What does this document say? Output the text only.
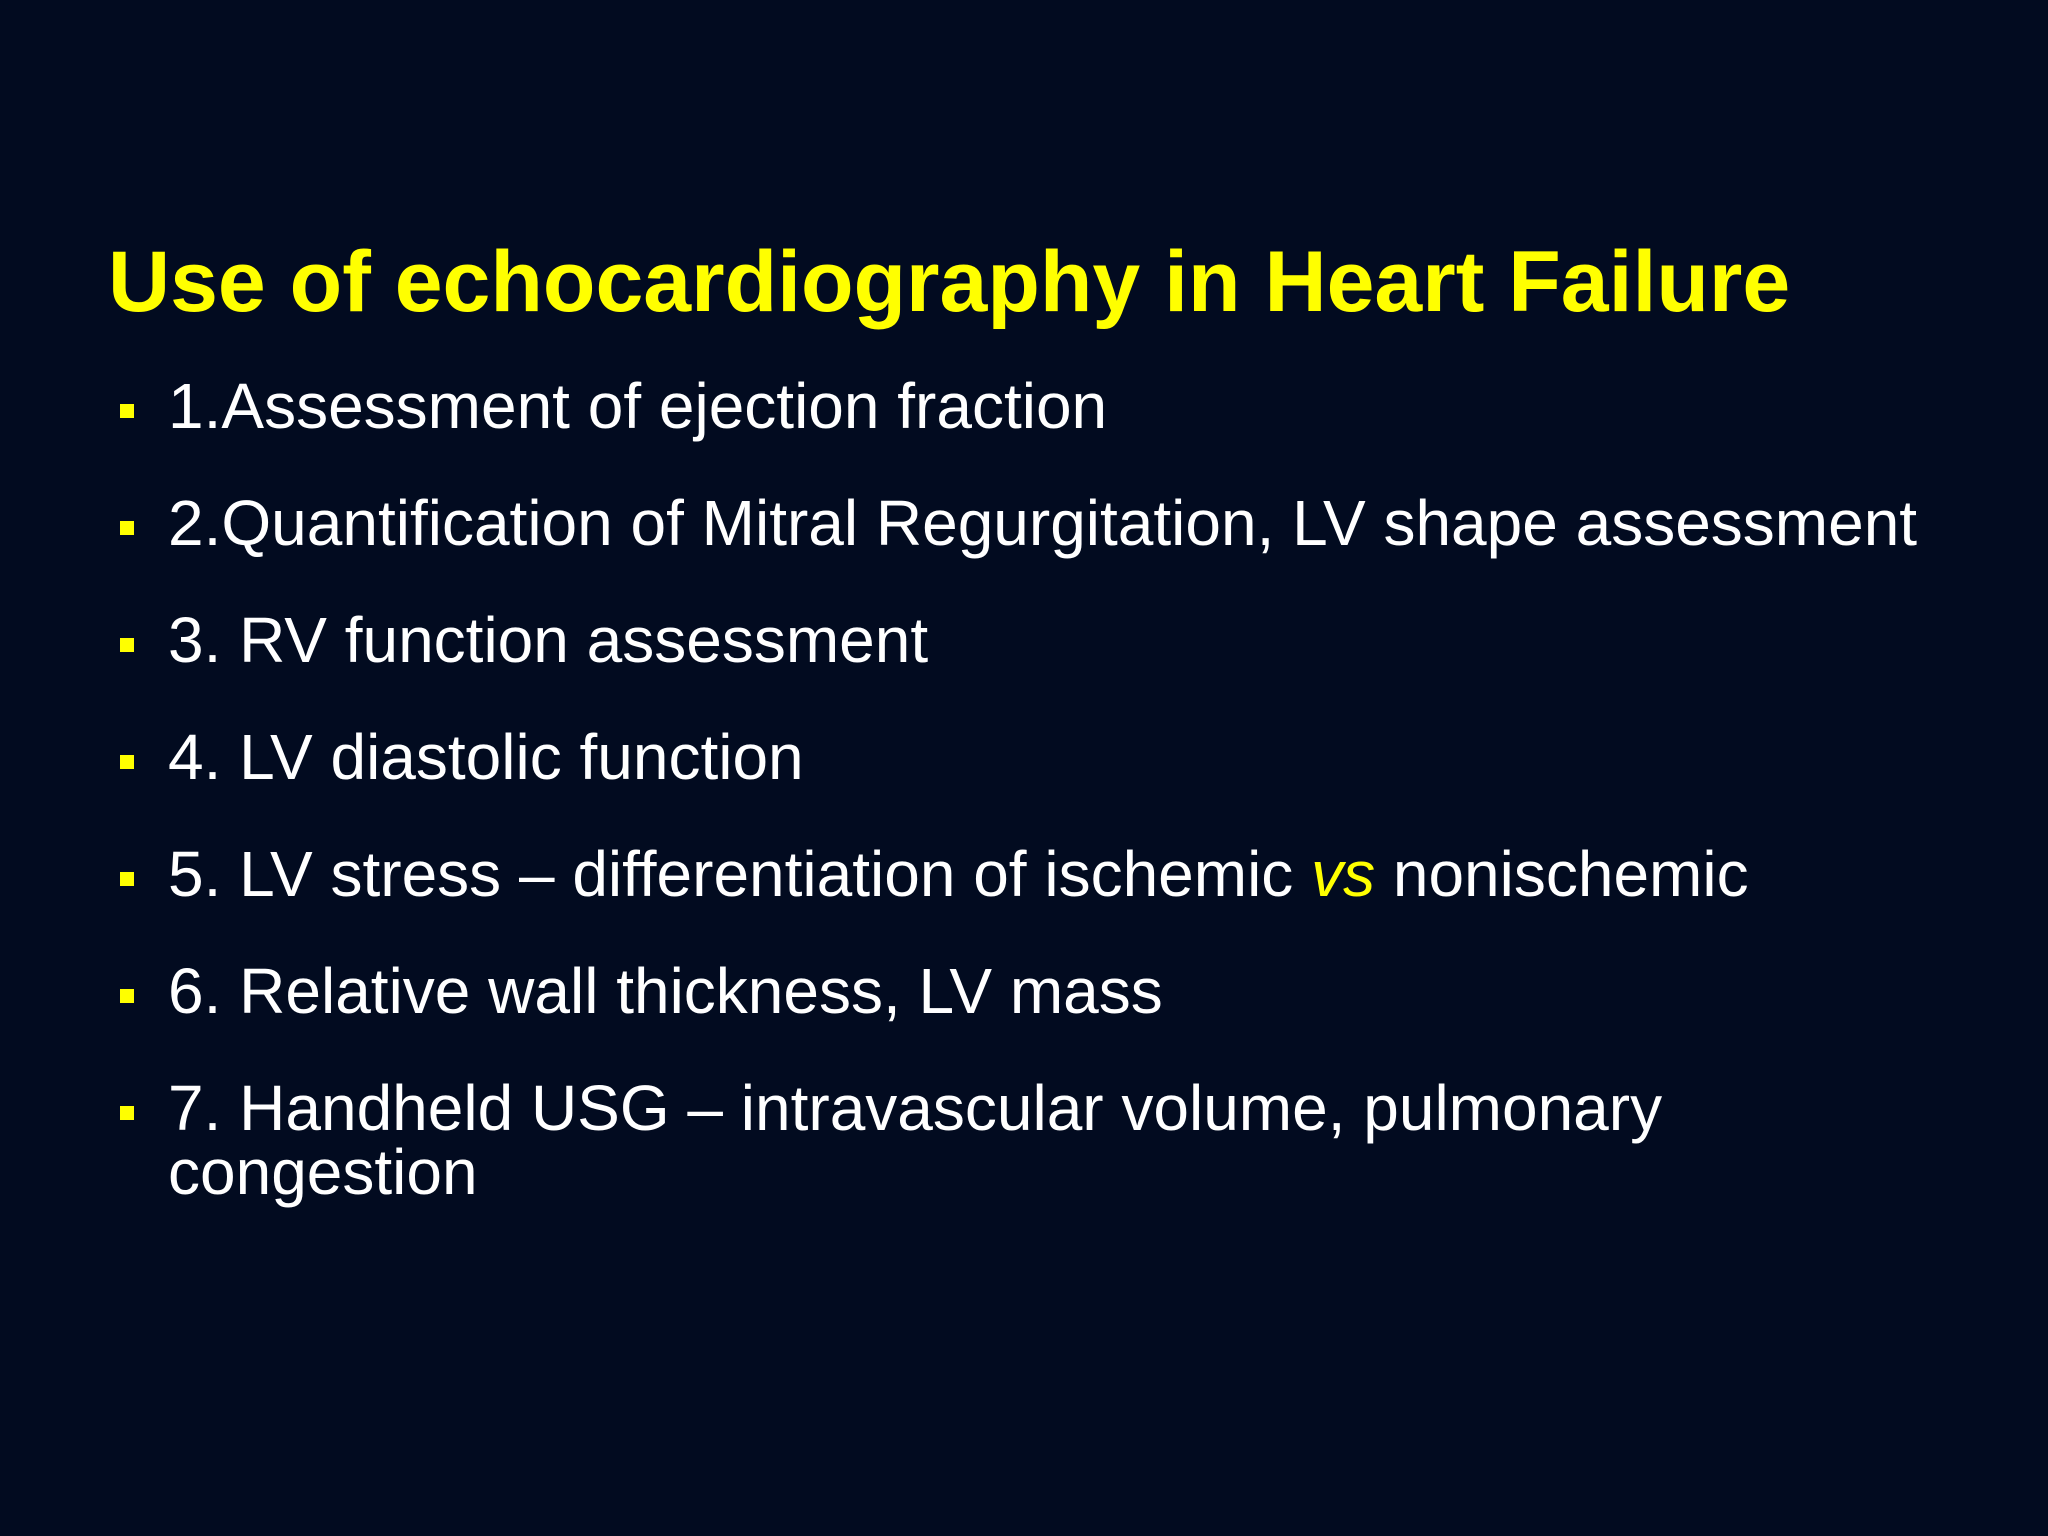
Use of echocardiography in Heart Failure
1.Assessment of ejection fraction
2.Quantification of Mitral Regurgitation, LV shape assessment
3. RV function assessment
4. LV diastolic function
5. LV stress – differentiation of ischemic vs nonischemic
6. Relative wall thickness, LV mass
7. Handheld USG – intravascular volume, pulmonary congestion
